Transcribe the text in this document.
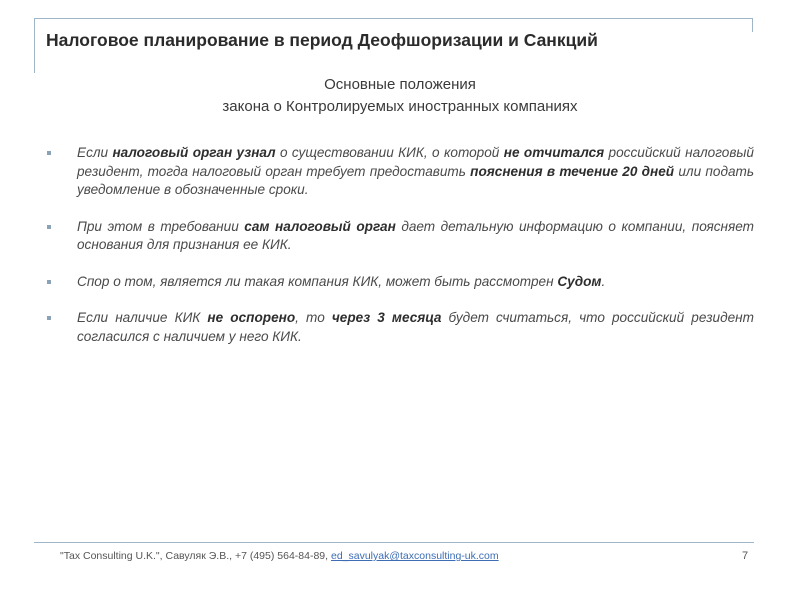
Налоговое планирование в период Деофшоризации и Санкций
Основные положения
закона о Контролируемых иностранных компаниях
Если налоговый орган узнал о существовании КИК, о которой не отчитался российский налоговый резидент, тогда налоговый орган требует предоставить пояснения в течение 20 дней или подать уведомление в обозначенные сроки.
При этом в требовании сам налоговый орган дает детальную информацию о компании, поясняет основания для признания ее КИК.
Спор о том, является ли такая компания КИК, может быть рассмотрен Судом.
Если наличие КИК не оспорено, то через 3 месяца будет считаться, что российский резидент согласился с наличием у него КИК.
"Tax Consulting U.K.", Савуляк Э.В., +7 (495) 564-84-89, ed_savulyak@taxconsulting-uk.com	7
